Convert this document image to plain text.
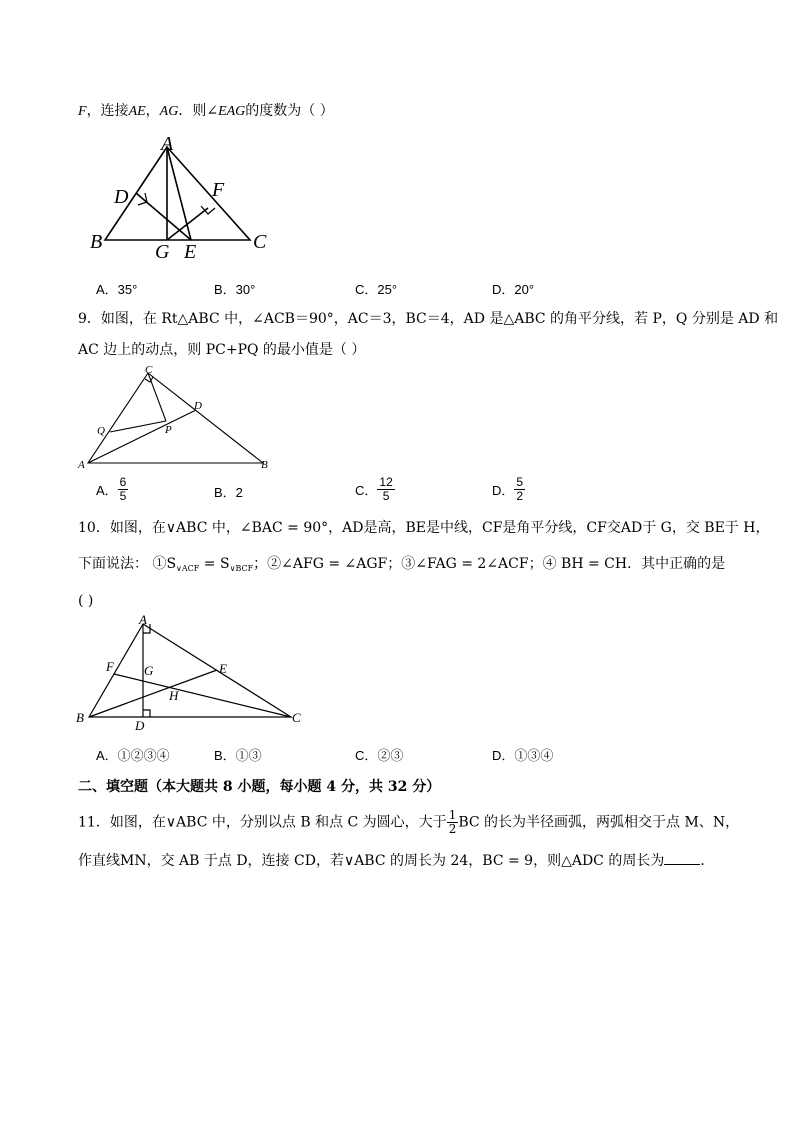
F，连接AE，AG．则∠EAG的度数为（ ）
A
B	C
D
E
F
G
A．35°	B．30°	C．25°	D．20°
9．如图，在 Rt△ABC 中，∠ACB＝90°，AC＝3，BC＝4，AD 是△ABC 的角平分线，若 P，Q 分别是 AD 和
AC 边上的动点，则 PC+PQ 的最小值是（ ）
A	B
C
D
P
Q
A． $\frac{6}{5}$	B．2	C． $\frac{12}{5}$	D． $\frac{5}{2}$
10．如图，在∨ABC 中，∠BAC = 90°，AD是高，BE是中线，CF是角平分线，CF交AD于 G，交 BE于 H，
下面说法： $①S_{\vee ACF} = S_{\vee BCF}$；②∠AFG = ∠AGF；③∠FAG = 2∠ACF；④ BH = CH．其中正确的是
( )
A
B	C
D
E
F G
H
A．①②③④	B．①③	C．②③	D．①③④
二、填空题（本大题共 8 小题，每小题 4 分，共 32 分）
11．如图，在∨ABC 中，分别以点 B 和点 C 为圆心，大于 $\frac{1}{2}$ BC 的长为半径画弧，两弧相交于点 M、N，
作直线MN，交 AB 于点 D，连接 CD，若∨ABC 的周长为 24，BC = 9，则△ADC 的周长为	．
